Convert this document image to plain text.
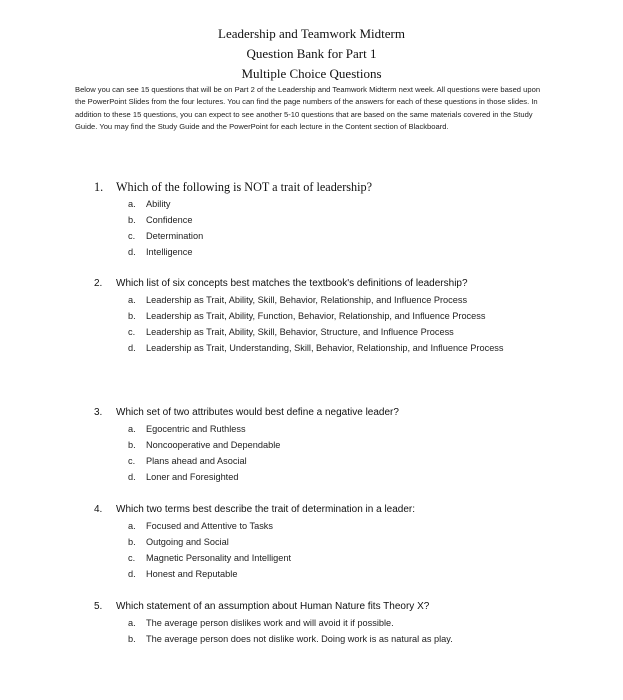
Leadership and Teamwork Midterm
Question Bank for Part 1
Multiple Choice Questions
Below you can see 15 questions that will be on Part 2 of the Leadership and Teamwork Midterm next week. All questions were based upon the PowerPoint Slides from the four lectures. You can find the page numbers of the answers for each of these questions in those slides. In addition to these 15 questions, you can expect to see another 5-10 questions that are based on the same materials covered in the Study Guide. You may find the Study Guide and the PowerPoint for each lecture in the Content section of Blackboard.
1.	Which of the following is NOT a trait of leadership?
a.	Ability
b.	Confidence
c.	Determination
d.	Intelligence
2.	Which list of six concepts best matches the textbook's definitions of leadership?
a.	Leadership as Trait, Ability, Skill, Behavior, Relationship, and Influence Process
b.	Leadership as Trait, Ability, Function, Behavior, Relationship, and Influence Process
c.	Leadership as Trait, Ability, Skill, Behavior, Structure, and Influence Process
d.	Leadership as Trait, Understanding, Skill, Behavior, Relationship, and Influence Process
3.	Which set of two attributes would best define a negative leader?
a.	Egocentric and Ruthless
b.	Noncooperative and Dependable
c.	Plans ahead and Asocial
d.	Loner and Foresighted
4.	Which two terms best describe the trait of determination in a leader:
a.	Focused and Attentive to Tasks
b.	Outgoing and Social
c.	Magnetic Personality and Intelligent
d.	Honest and Reputable
5.	Which statement of an assumption about Human Nature fits Theory X?
a.	The average person dislikes work and will avoid it if possible.
b.	The average person does not dislike work. Doing work is as natural as play.
